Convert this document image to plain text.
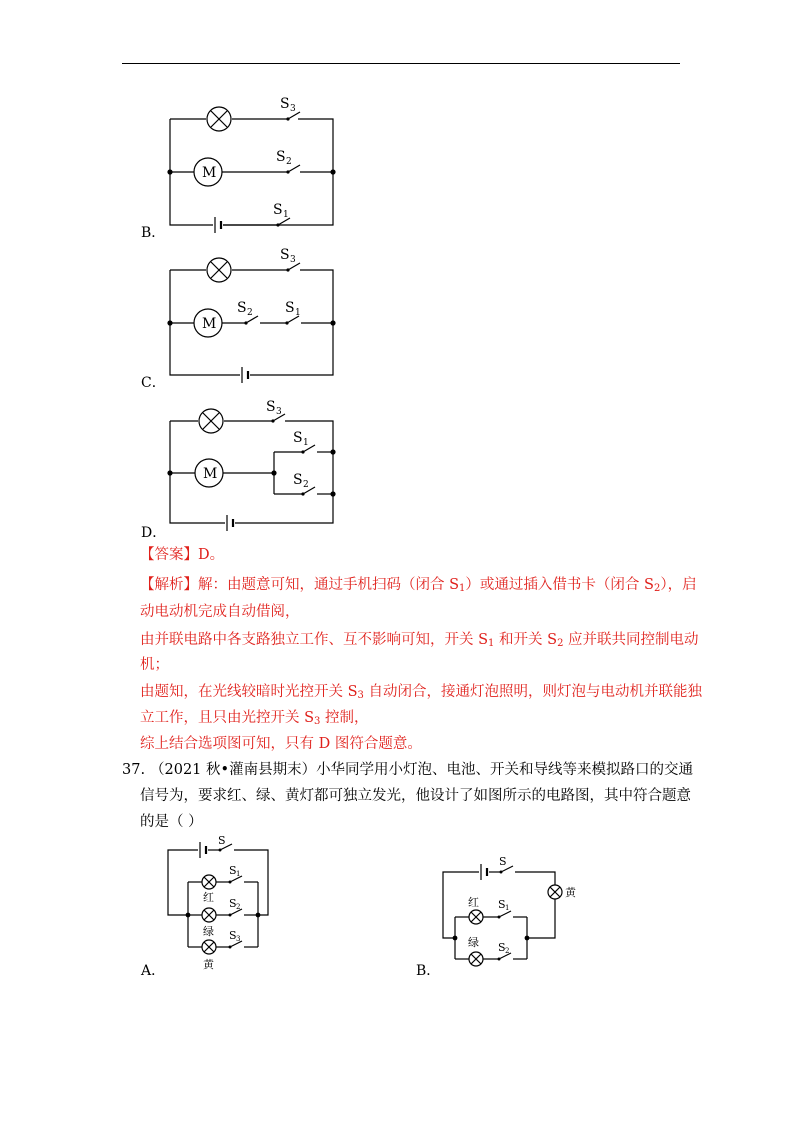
S 3
M
S 2
S 1
B．
S 3
M
S 2 S 1
C．
S 3
M
S 1
S 2
D．
【答案】D。
【解析】解：由题意可知，通过手机扫码（闭合 $S_1$）或通过插入借书卡（闭合 $S_2$），启
动电动机完成自动借阅，
由并联电路中各支路独立工作、互不影响可知，开关 $S_1$ 和开关 $S_2$ 应并联共同控制电动
机；
由题知，在光线较暗时光控开关 $S_3$ 自动闭合，接通灯泡照明，则灯泡与电动机并联能独
立工作，且只由光控开关 $S_3$ 控制，
综上结合选项图可知，只有 D 图符合题意。
37. （2021 秋•灌南县期末）小华同学用小灯泡、电池、开关和导线等来模拟路口的交通
信号为，要求红、绿、黄灯都可独立发光，他设计了如图所示的电路图，其中符合题意
的是（ ）
S
S 1
红 S 2
绿 S 3
黄
A．
S
黄
红 S 1
绿 S 2
B．
